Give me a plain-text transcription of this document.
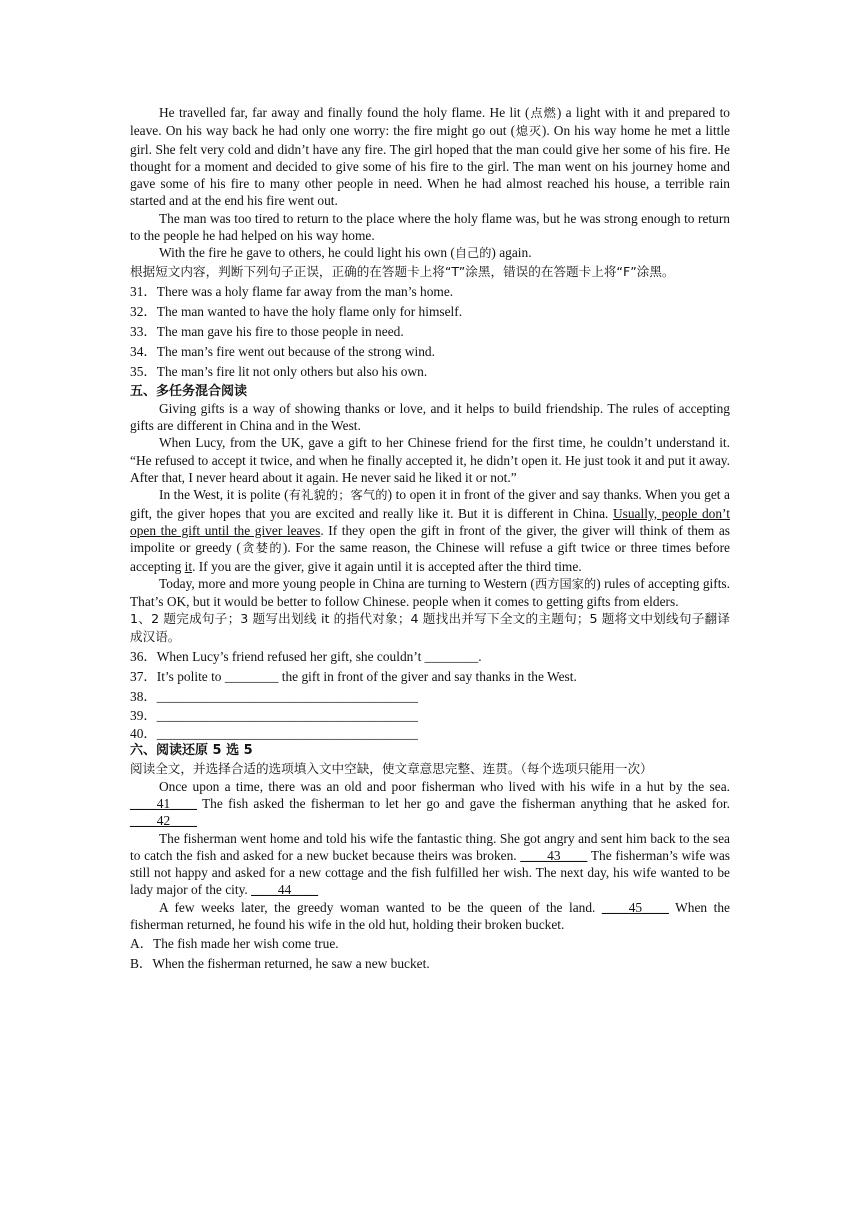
He travelled far, far away and finally found the holy flame. He lit (点燃) a light with it and prepared to leave. On his way back he had only one worry: the fire might go out (熄灭). On his way home he met a little girl. She felt very cold and didn’t have any fire. The girl hoped that the man could give her some of his fire. He thought for a moment and decided to give some of his fire to the girl. The man went on his journey home and gave some of his fire to many other people in need. When he had almost reached his house, a terrible rain started and at the end his fire went out.

The man was too tired to return to the place where the holy flame was, but he was strong enough to return to the people he had helped on his way home.

With the fire he gave to others, he could light his own (自己的) again.

根据短文内容，判断下列句子正误，正确的在答题卡上将“T”涂黑，错误的在答题卡上将“F”涂黑。

31．There was a holy flame far away from the man’s home.

32．The man wanted to have the holy flame only for himself.

33．The man gave his fire to those people in need.

34．The man’s fire went out because of the strong wind.

35．The man’s fire lit not only others but also his own.

五、多任务混合阅读

Giving gifts is a way of showing thanks or love, and it helps to build friendship. The rules of accepting gifts are different in China and in the West.

When Lucy, from the UK, gave a gift to her Chinese friend for the first time, he couldn’t understand it. “He refused to accept it twice, and when he finally accepted it, he didn’t open it. He just took it and put it away. After that, I never heard about it again. He never said he liked it or not.”

In the West, it is polite (有礼貌的；客气的) to open it in front of the giver and say thanks. When you get a gift, the giver hopes that you are excited and really like it. But it is different in China. Usually, people don’t open the gift until the giver leaves. If they open the gift in front of the giver, the giver will think of them as impolite or greedy (贪婪的). For the same reason, the Chinese will refuse a gift twice or three times before accepting it. If you are the giver, give it again until it is accepted after the third time.

Today, more and more young people in China are turning to Western (西方国家的) rules of accepting gifts. That’s OK, but it would be better to follow Chinese. people when it comes to getting gifts from elders.

1、2 题完成句子；3 题写出划线 it 的指代对象；4 题找出并写下全文的主题句；5 题将文中划线句子翻译成汉语。

36．When Lucy’s friend refused her gift, she couldn’t ________.

37．It’s polite to ________ the gift in front of the giver and say thanks in the West.

38．_______________________________________

39．_______________________________________

40．_______________________________________

六、阅读还原 5 选 5

阅读全文，并选择合适的选项填入文中空缺，使文章意思完整、连贯。（每个选项只能用一次）

Once upon a time, there was an old and poor fisherman who lived with his wife in a hut by the sea. ____41____ The fish asked the fisherman to let her go and gave the fisherman anything that he asked for. ____42____

The fisherman went home and told his wife the fantastic thing. She got angry and sent him back to the sea to catch the fish and asked for a new bucket because theirs was broken. ____43____ The fisherman’s wife was still not happy and asked for a new cottage and the fish fulfilled her wish. The next day, his wife wanted to be lady major of the city. ____44____

A few weeks later, the greedy woman wanted to be the queen of the land. ____45____ When the fisherman returned, he found his wife in the old hut, holding their broken bucket.

A．The fish made her wish come true.

B．When the fisherman returned, he saw a new bucket.
